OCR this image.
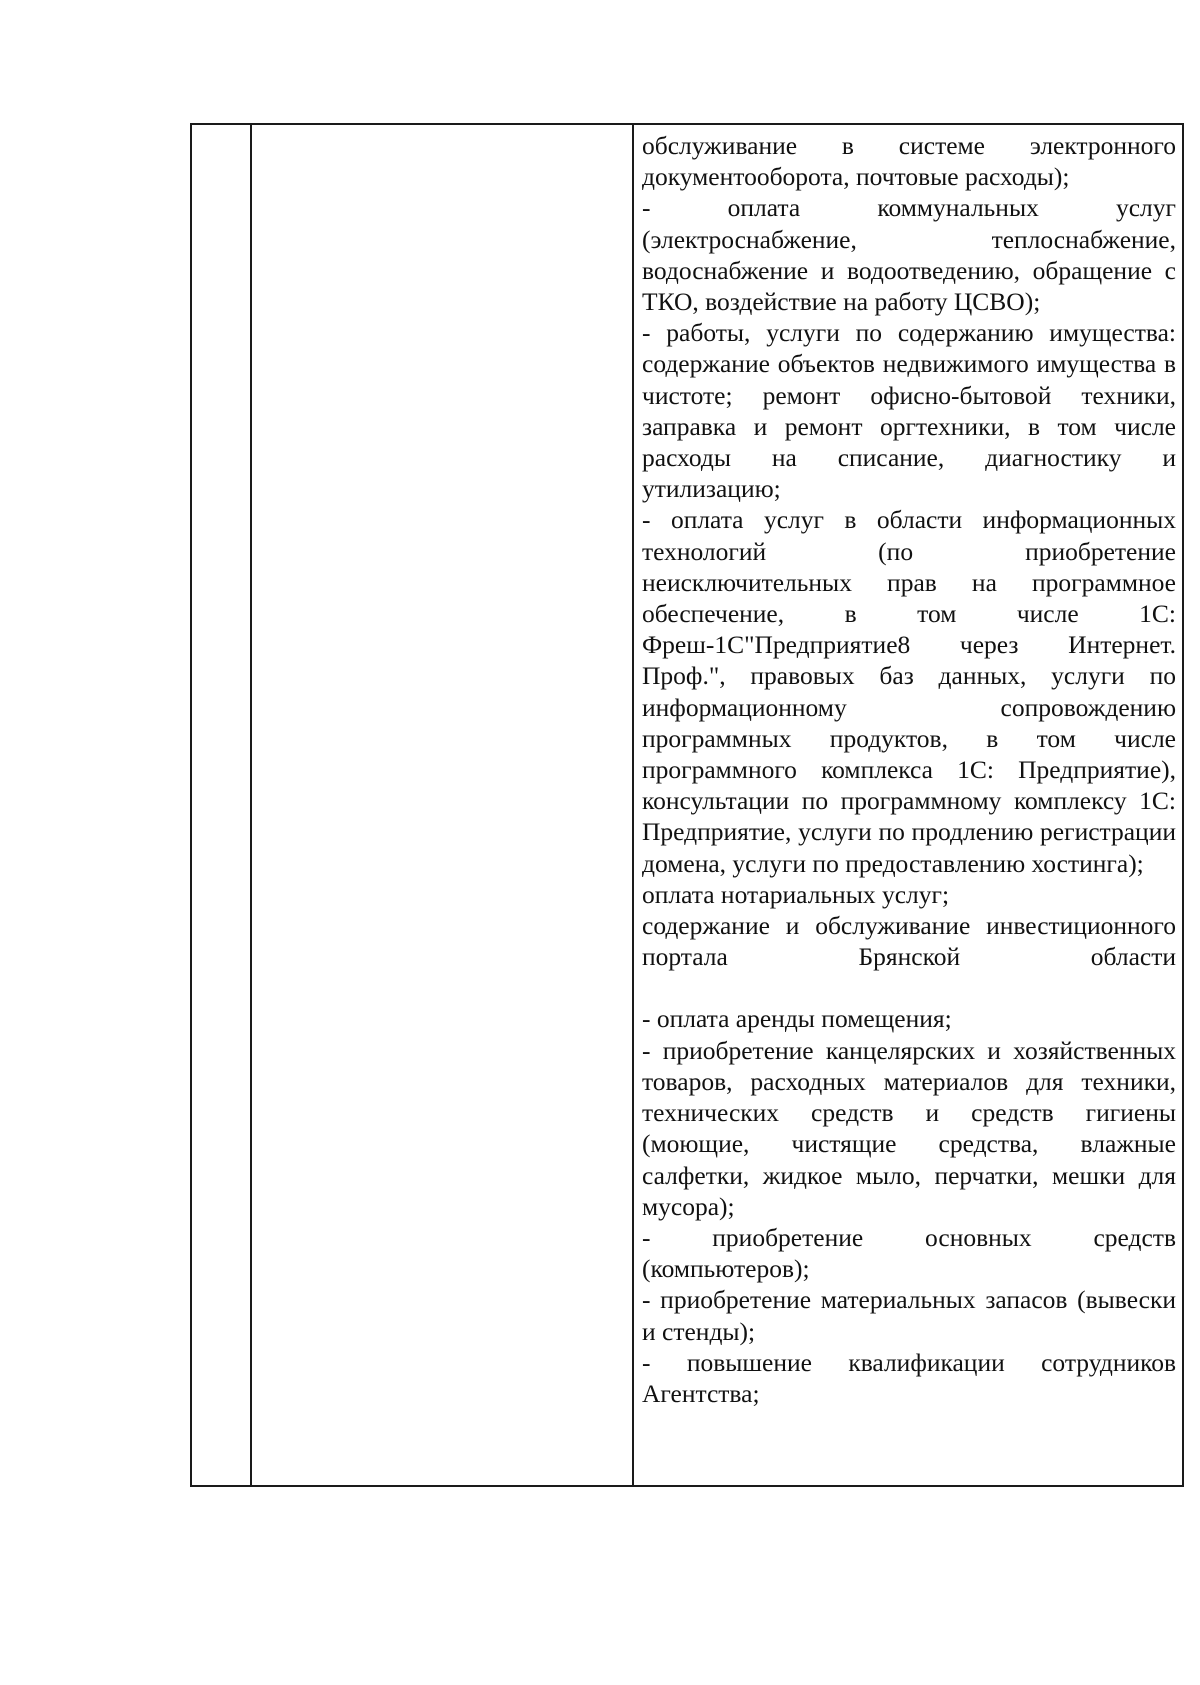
обслуживание в системе электронного документооборота, почтовые расходы);

- оплата коммунальных услуг (электроснабжение, теплоснабжение, водоснабжение и водоотведению, обращение с ТКО, воздействие на работу ЦСВО);

- работы, услуги по содержанию имущества: содержание объектов недвижимого имущества в чистоте; ремонт офисно-бытовой техники, заправка и ремонт оргтехники, в том числе расходы на списание, диагностику и утилизацию;

- оплата услуг в области информационных технологий (по приобретение неисключительных прав на программное обеспечение, в том числе 1С: Фреш-1С"Предприятие8 через Интернет. Проф.", правовых баз данных, услуги по информационному сопровождению программных продуктов, в том числе программного комплекса 1С: Предприятие), консультации по программному комплексу 1С: Предприятие, услуги по продлению регистрации домена, услуги по предоставлению хостинга);

оплата нотариальных услуг;

содержание и обслуживание инвестиционного портала Брянской области

- оплата аренды помещения;

- приобретение канцелярских и хозяйственных товаров, расходных материалов для техники, технических средств и средств гигиены (моющие, чистящие средства, влажные салфетки, жидкое мыло, перчатки, мешки для мусора);

- приобретение основных средств (компьютеров);

- приобретение материальных запасов (вывески и стенды);

- повышение квалификации сотрудников Агентства;
